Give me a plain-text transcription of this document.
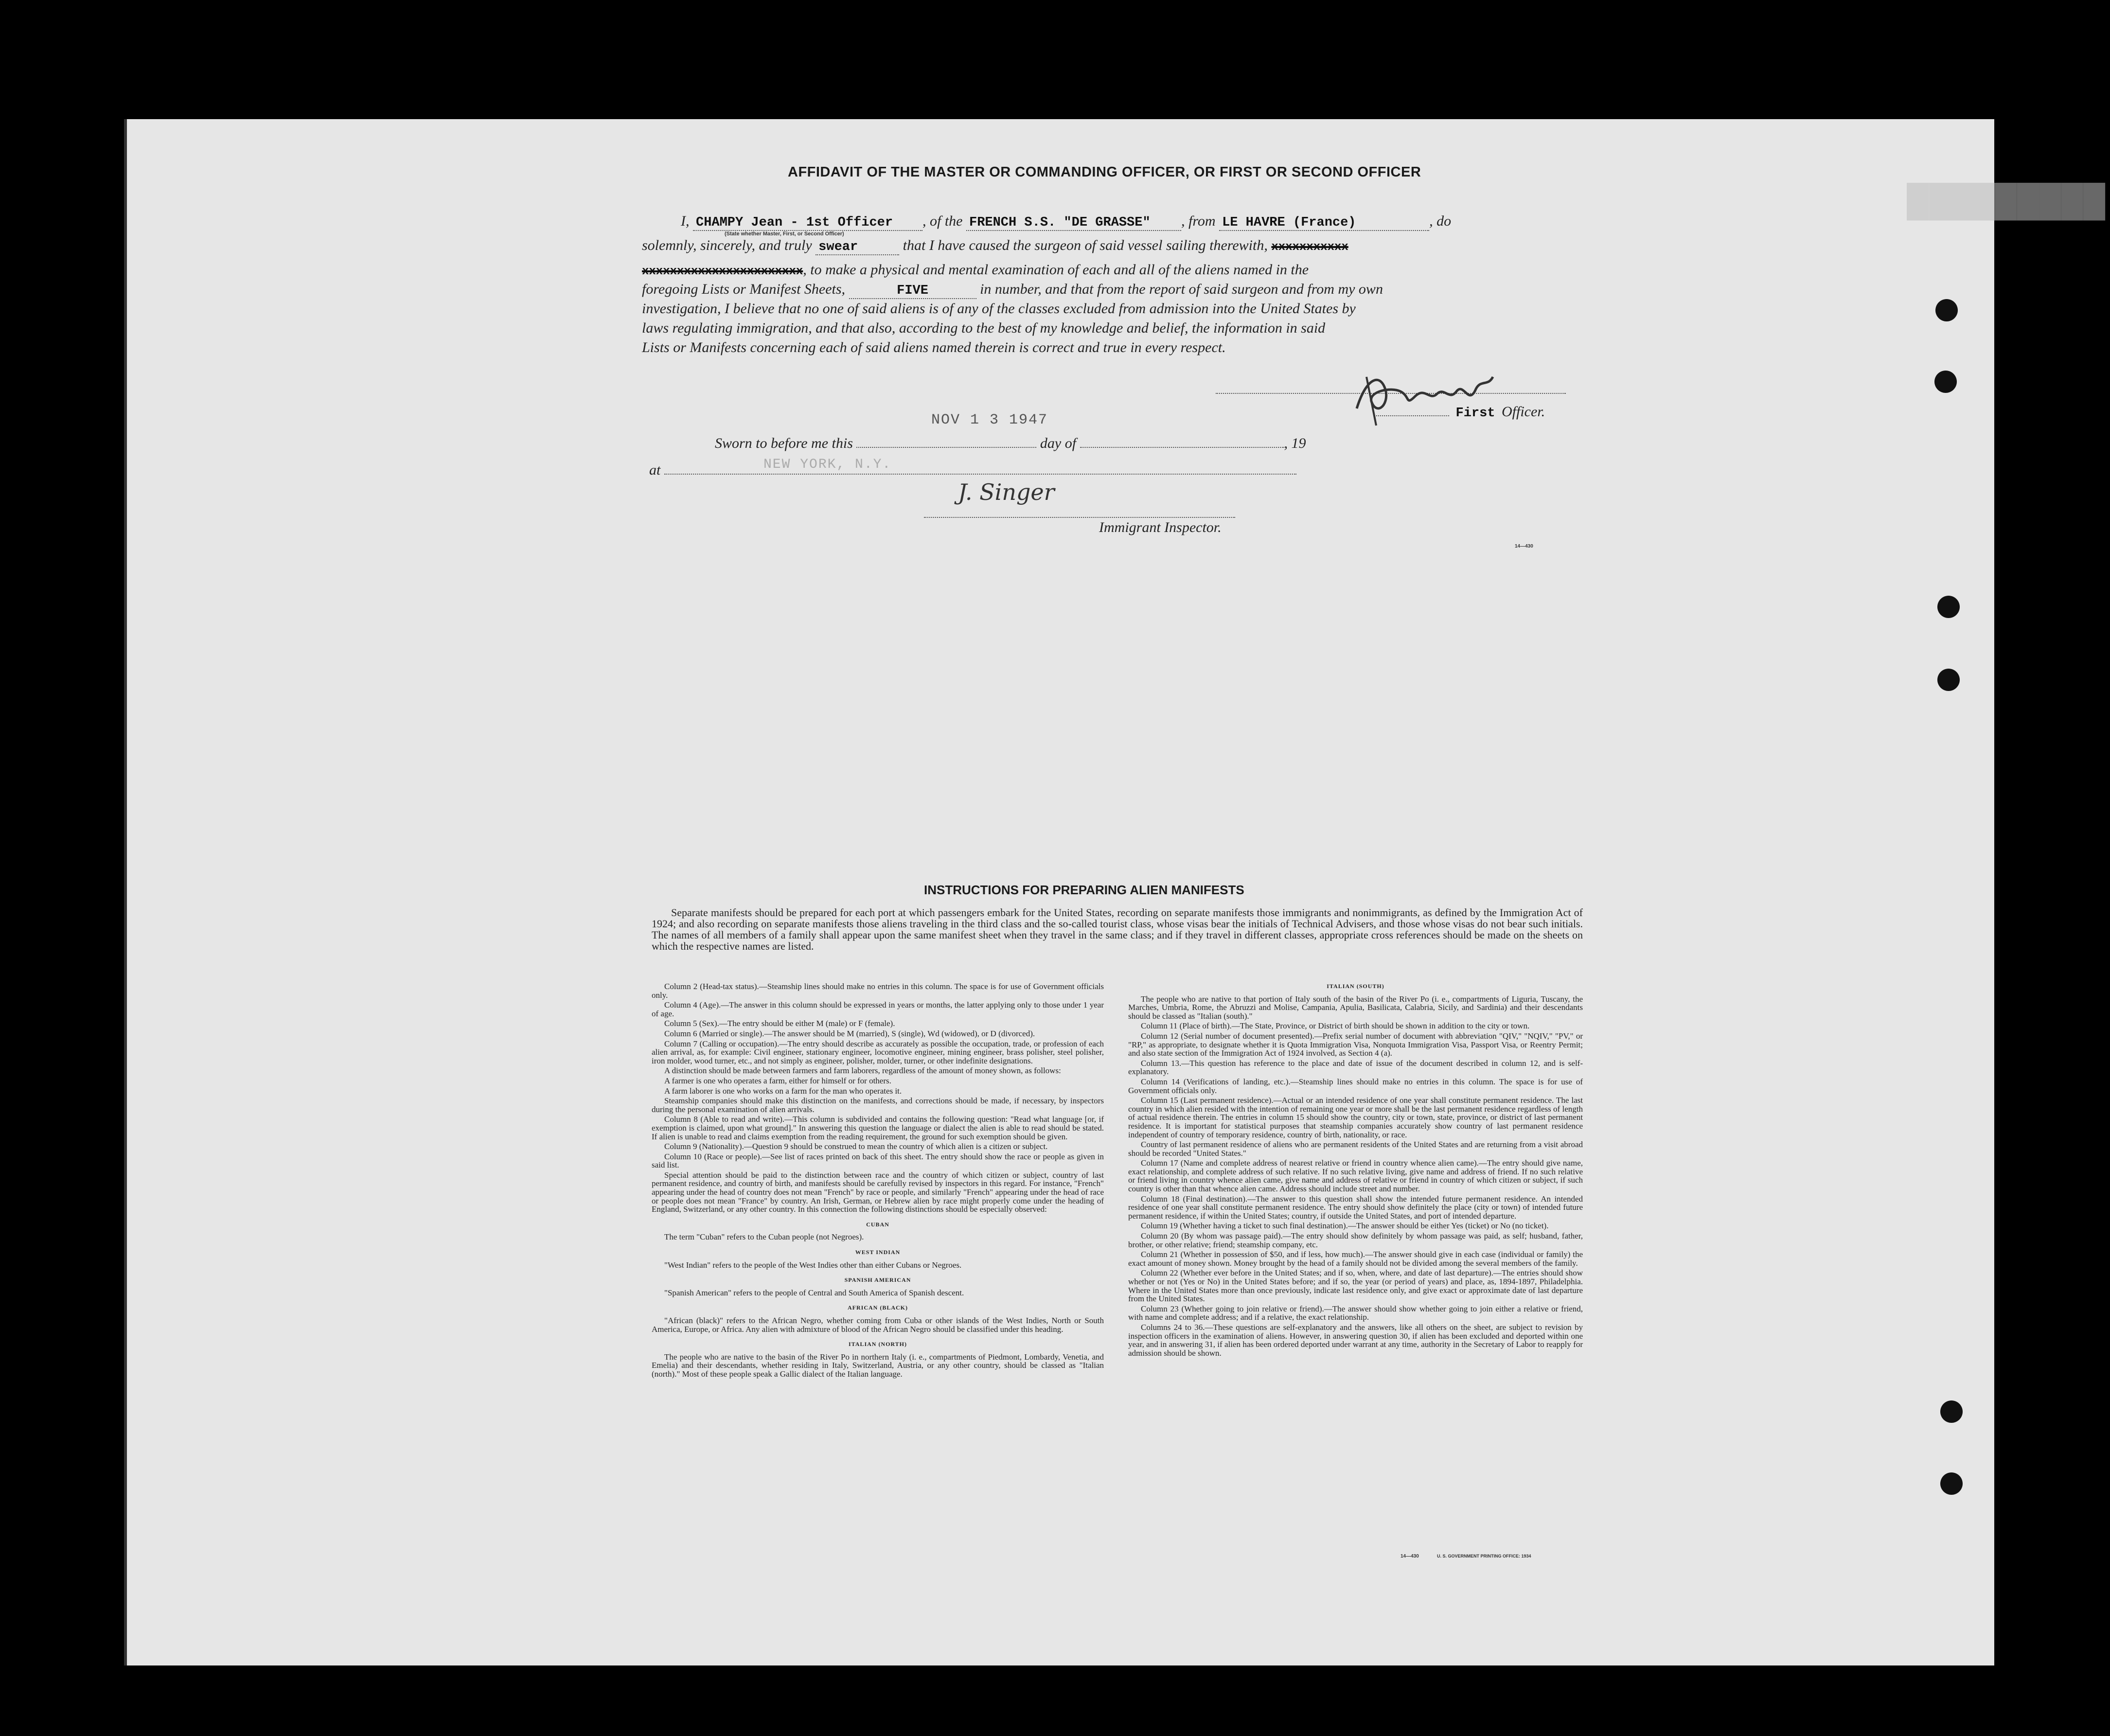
█████████
AFFIDAVIT OF THE MASTER OR COMMANDING OFFICER, OR FIRST OR SECOND OFFICER
I, CHAMPY Jean - 1st Officer , of the FRENCH S.S. "DE GRASSE" , from LE HAVRE (France)	, do
(State whether Master, First, or Second Officer)
solemnly, sincerely, and truly swear	that I have caused the surgeon of said vessel sailing therewith, xxxxxxxxxxx
xxxxxxxxxxxxxxxxxxxxxxx, to make a physical and mental examination of each and all of the aliens named in the
foregoing Lists or Manifest Sheets,	FIVE	in number, and that from the report of said surgeon and from my own
investigation, I believe that no one of said aliens is of any of the classes excluded from admission into the United States by
laws regulating immigration, and that also, according to the best of my knowledge and belief, the information in said
Lists or Manifests concerning each of said aliens named therein is correct and true in every respect.
First Officer.
NOV 1 3 1947
Sworn to before me this	day of	, 19
at	NEW YORK, N.Y.
J. Singer
Immigrant Inspector.
14—430
INSTRUCTIONS FOR PREPARING ALIEN MANIFESTS
Separate manifests should be prepared for each port at which passengers embark for the United States, recording on separate manifests those immigrants and nonimmigrants, as defined by the Immigration Act of 1924; and also recording on separate manifests those aliens traveling in the third class and the so-called tourist class, whose visas bear the initials of Technical Advisers, and those whose visas do not bear such initials. The names of all members of a family shall appear upon the same manifest sheet when they travel in the same class; and if they travel in different classes, appropriate cross references should be made on the sheets on which the respective names are listed.

Column 2 (Head-tax status).—Steamship lines should make no entries in this column. The space is for use of Government officials only.

Column 4 (Age).—The answer in this column should be expressed in years or months, the latter applying only to those under 1 year of age.

Column 5 (Sex).—The entry should be either M (male) or F (female).

Column 6 (Married or single).—The answer should be M (married), S (single), Wd (widowed), or D (divorced).

Column 7 (Calling or occupation).—The entry should describe as accurately as possible the occupation, trade, or profession of each alien arrival, as, for example: Civil engineer, stationary engineer, locomotive engineer, mining engineer, brass polisher, steel polisher, iron molder, wood turner, etc., and not simply as engineer, polisher, molder, turner, or other indefinite designations.

A distinction should be made between farmers and farm laborers, regardless of the amount of money shown, as follows:

A farmer is one who operates a farm, either for himself or for others.

A farm laborer is one who works on a farm for the man who operates it.

Steamship companies should make this distinction on the manifests, and corrections should be made, if necessary, by inspectors during the personal examination of alien arrivals.

Column 8 (Able to read and write).—This column is subdivided and contains the following question: "Read what language [or, if exemption is claimed, upon what ground]." In answering this question the language or dialect the alien is able to read should be stated. If alien is unable to read and claims exemption from the reading requirement, the ground for such exemption should be given.

Column 9 (Nationality).—Question 9 should be construed to mean the country of which alien is a citizen or subject.

Column 10 (Race or people).—See list of races printed on back of this sheet. The entry should show the race or people as given in said list.

Special attention should be paid to the distinction between race and the country of which citizen or subject, country of last permanent residence, and country of birth, and manifests should be carefully revised by inspectors in this regard. For instance, "French" appearing under the head of country does not mean "French" by race or people, and similarly "French" appearing under the head of race or people does not mean "France" by country. An Irish, German, or Hebrew alien by race might properly come under the heading of England, Switzerland, or any other country. In this connection the following distinctions should be especially observed:

CUBAN

The term "Cuban" refers to the Cuban people (not Negroes).

WEST INDIAN

"West Indian" refers to the people of the West Indies other than either Cubans or Negroes.

SPANISH AMERICAN

"Spanish American" refers to the people of Central and South America of Spanish descent.

AFRICAN (BLACK)

"African (black)" refers to the African Negro, whether coming from Cuba or other islands of the West Indies, North or South America, Europe, or Africa. Any alien with admixture of blood of the African Negro should be classified under this heading.

ITALIAN (NORTH)

The people who are native to the basin of the River Po in northern Italy (i. e., compartments of Piedmont, Lombardy, Venetia, and Emelia) and their descendants, whether residing in Italy, Switzerland, Austria, or any other country, should be classed as "Italian (north)." Most of these people speak a Gallic dialect of the Italian language.

ITALIAN (SOUTH)

The people who are native to that portion of Italy south of the basin of the River Po (i. e., compartments of Liguria, Tuscany, the Marches, Umbria, Rome, the Abruzzi and Molise, Campania, Apulia, Basilicata, Calabria, Sicily, and Sardinia) and their descendants should be classed as "Italian (south)."

Column 11 (Place of birth).—The State, Province, or District of birth should be shown in addition to the city or town.

Column 12 (Serial number of document presented).—Prefix serial number of document with abbreviation "QIV," "NQIV," "PV," or "RP," as appropriate, to designate whether it is Quota Immigration Visa, Nonquota Immigration Visa, Passport Visa, or Reentry Permit; and also state section of the Immigration Act of 1924 involved, as Section 4 (a).

Column 13.—This question has reference to the place and date of issue of the document described in column 12, and is self-explanatory.

Column 14 (Verifications of landing, etc.).—Steamship lines should make no entries in this column. The space is for use of Government officials only.

Column 15 (Last permanent residence).—Actual or an intended residence of one year shall constitute permanent residence. The last country in which alien resided with the intention of remaining one year or more shall be the last permanent residence regardless of length of actual residence therein. The entries in column 15 should show the country, city or town, state, province, or district of last permanent residence. It is important for statistical purposes that steamship companies accurately show country of last permanent residence independent of country of temporary residence, country of birth, nationality, or race.

Country of last permanent residence of aliens who are permanent residents of the United States and are returning from a visit abroad should be recorded "United States."

Column 17 (Name and complete address of nearest relative or friend in country whence alien came).—The entry should give name, exact relationship, and complete address of such relative. If no such relative living, give name and address of friend. If no such relative or friend living in country whence alien came, give name and address of relative or friend in country of which citizen or subject, if such country is other than that whence alien came. Address should include street and number.

Column 18 (Final destination).—The answer to this question shall show the intended future permanent residence. An intended residence of one year shall constitute permanent residence. The entry should show definitely the place (city or town) of intended future permanent residence, if within the United States; country, if outside the United States, and port of intended departure.

Column 19 (Whether having a ticket to such final destination).—The answer should be either Yes (ticket) or No (no ticket).

Column 20 (By whom was passage paid).—The entry should show definitely by whom passage was paid, as self; husband, father, brother, or other relative; friend; steamship company, etc.

Column 21 (Whether in possession of $50, and if less, how much).—The answer should give in each case (individual or family) the exact amount of money shown. Money brought by the head of a family should not be divided among the several members of the family.

Column 22 (Whether ever before in the United States; and if so, when, where, and date of last departure).—The entries should show whether or not (Yes or No) in the United States before; and if so, the year (or period of years) and place, as, 1894-1897, Philadelphia. Where in the United States more than once previously, indicate last residence only, and give exact or approximate date of last departure from the United States.

Column 23 (Whether going to join relative or friend).—The answer should show whether going to join either a relative or friend, with name and complete address; and if a relative, the exact relationship.

Columns 24 to 36.—These questions are self-explanatory and the answers, like all others on the sheet, are subject to revision by inspection officers in the examination of aliens. However, in answering question 30, if alien has been excluded and deported within one year, and in answering 31, if alien has been ordered deported under warrant at any time, authority in the Secretary of Labor to reapply for admission should be shown.

14—430	U. S. GOVERNMENT PRINTING OFFICE: 1934
